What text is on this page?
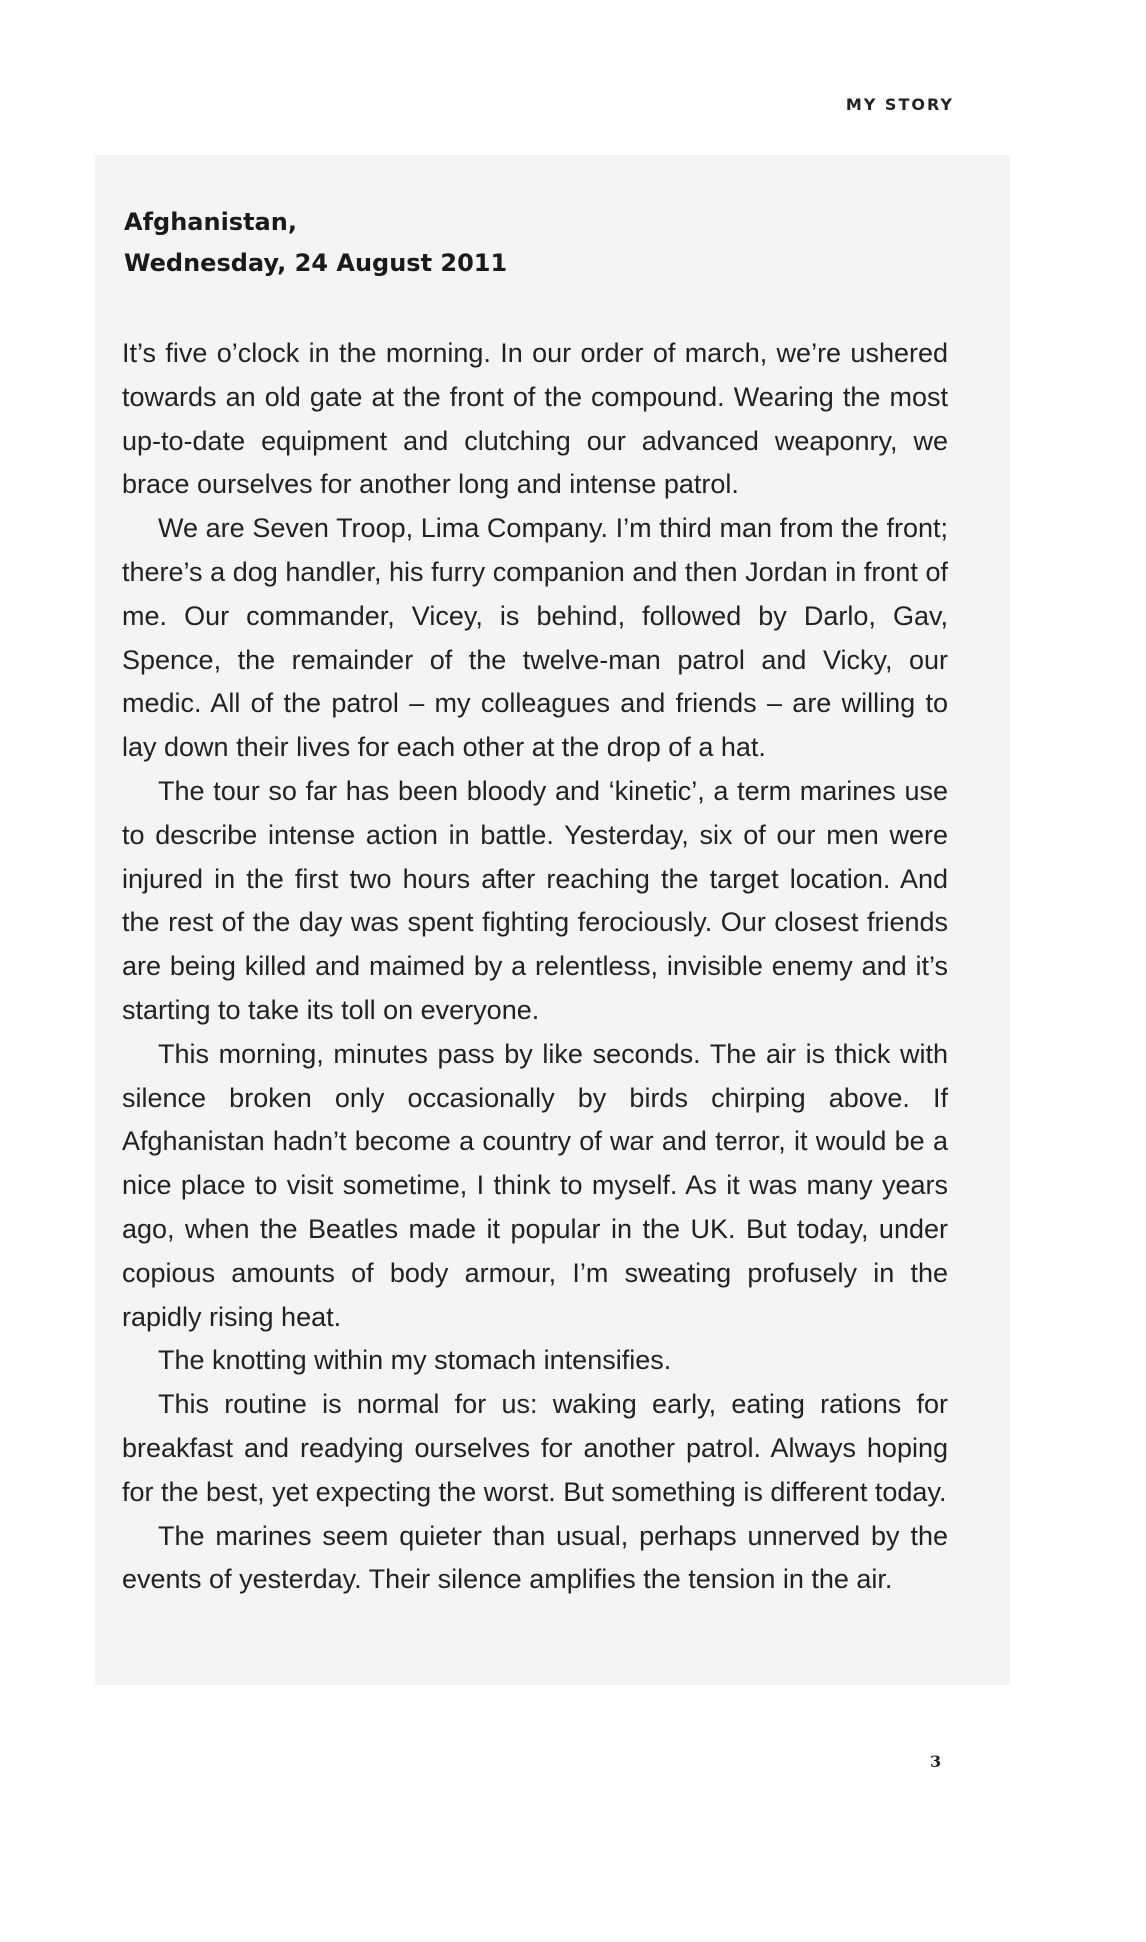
MY STORY
Afghanistan,
Wednesday, 24 August 2011

It’s five o’clock in the morning. In our order of march, we’re ushered towards an old gate at the front of the compound. Wearing the most up-to-date equipment and clutching our advanced weaponry, we brace ourselves for another long and intense patrol.

We are Seven Troop, Lima Company. I’m third man from the front; there’s a dog handler, his furry companion and then Jordan in front of me. Our commander, Vicey, is behind, followed by Darlo, Gav, Spence, the remainder of the twelve-man patrol and Vicky, our medic. All of the patrol – my colleagues and friends – are willing to lay down their lives for each other at the drop of a hat.

The tour so far has been bloody and ‘kinetic’, a term marines use to describe intense action in battle. Yesterday, six of our men were injured in the first two hours after reaching the target location. And the rest of the day was spent fighting ferociously. Our closest friends are being killed and maimed by a relentless, invisible enemy and it’s starting to take its toll on everyone.

This morning, minutes pass by like seconds. The air is thick with silence broken only occasionally by birds chirping above. If Afghanistan hadn’t become a country of war and terror, it would be a nice place to visit sometime, I think to myself. As it was many years ago, when the Beatles made it popular in the UK. But today, under copious amounts of body armour, I’m sweating profusely in the rapidly rising heat.

The knotting within my stomach intensifies.

This routine is normal for us: waking early, eating rations for breakfast and readying ourselves for another patrol. Always hoping for the best, yet expecting the worst. But something is different today.

The marines seem quieter than usual, perhaps unnerved by the events of yesterday. Their silence amplifies the tension in the air.

3
